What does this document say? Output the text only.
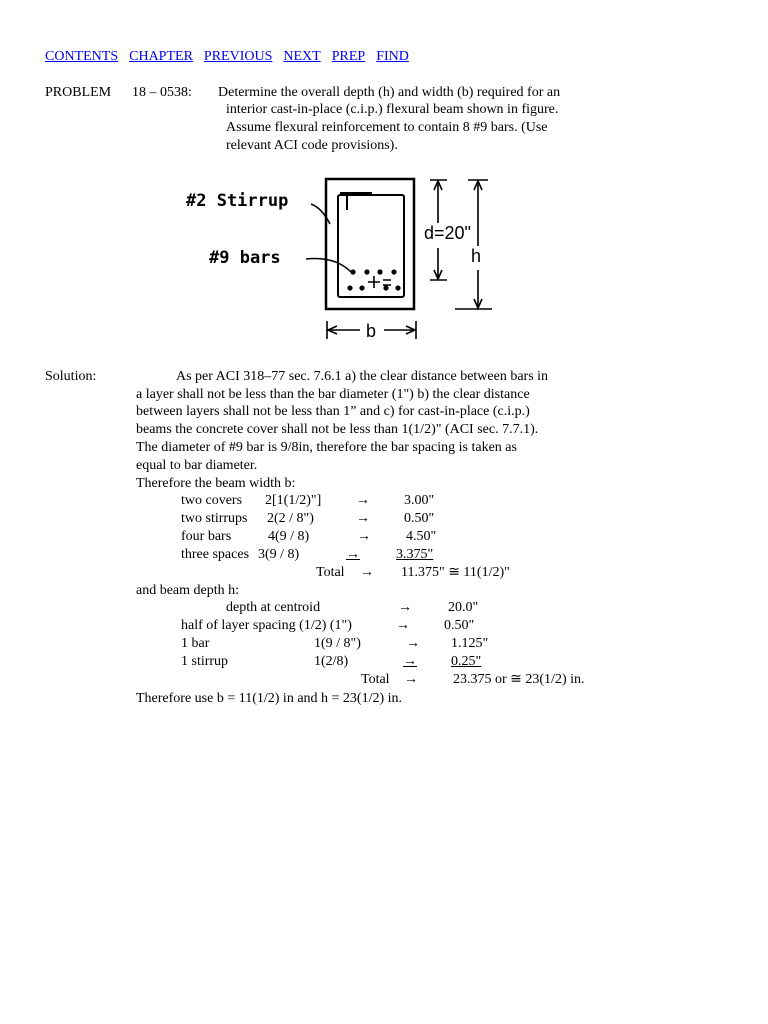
CONTENTS CHAPTER PREVIOUS NEXT PREP FIND
PROBLEM 18 – 0538: Determine the overall depth (h) and width (b) required for an
interior cast-in-place (c.i.p.) flexural beam shown in figure.
Assume flexural reinforcement to contain 8 #9 bars. (Use
relevant ACI code provisions).
#2 Stirrup
#9 bars
d=20"
h
b
Solution:	As per ACI 318–77 sec. 7.6.1 a) the clear distance between bars in
a layer shall not be less than the bar diameter (1") b) the clear distance
between layers shall not be less than 1” and c) for cast-in-place (c.i.p.)
beams the concrete cover shall not be less than 1(1/2)" (ACI sec. 7.7.1).
The diameter of #9 bar is 9/8in, therefore the bar spacing is taken as
equal to bar diameter.
Therefore the beam width b:
two covers 2[1(1/2)"] → 3.00"
two stirrups 2(2 / 8")	→ 0.50"
four bars	4(9 / 8)	→	4.50"
three spaces 3(9 / 8)	→	3.375"
Total → 11.375" ≅ 11(1/2)"
and beam depth h:
depth at centroid	→	20.0"
half of layer spacing (1/2) (1")	→ 0.50"
1 bar	1(9 / 8")	→ 1.125"
1 stirrup	1(2/8)	→ 0.25"
Total →	23.375 or ≅ 23(1/2) in.
Therefore use b = 11(1/2) in and h = 23(1/2) in.
